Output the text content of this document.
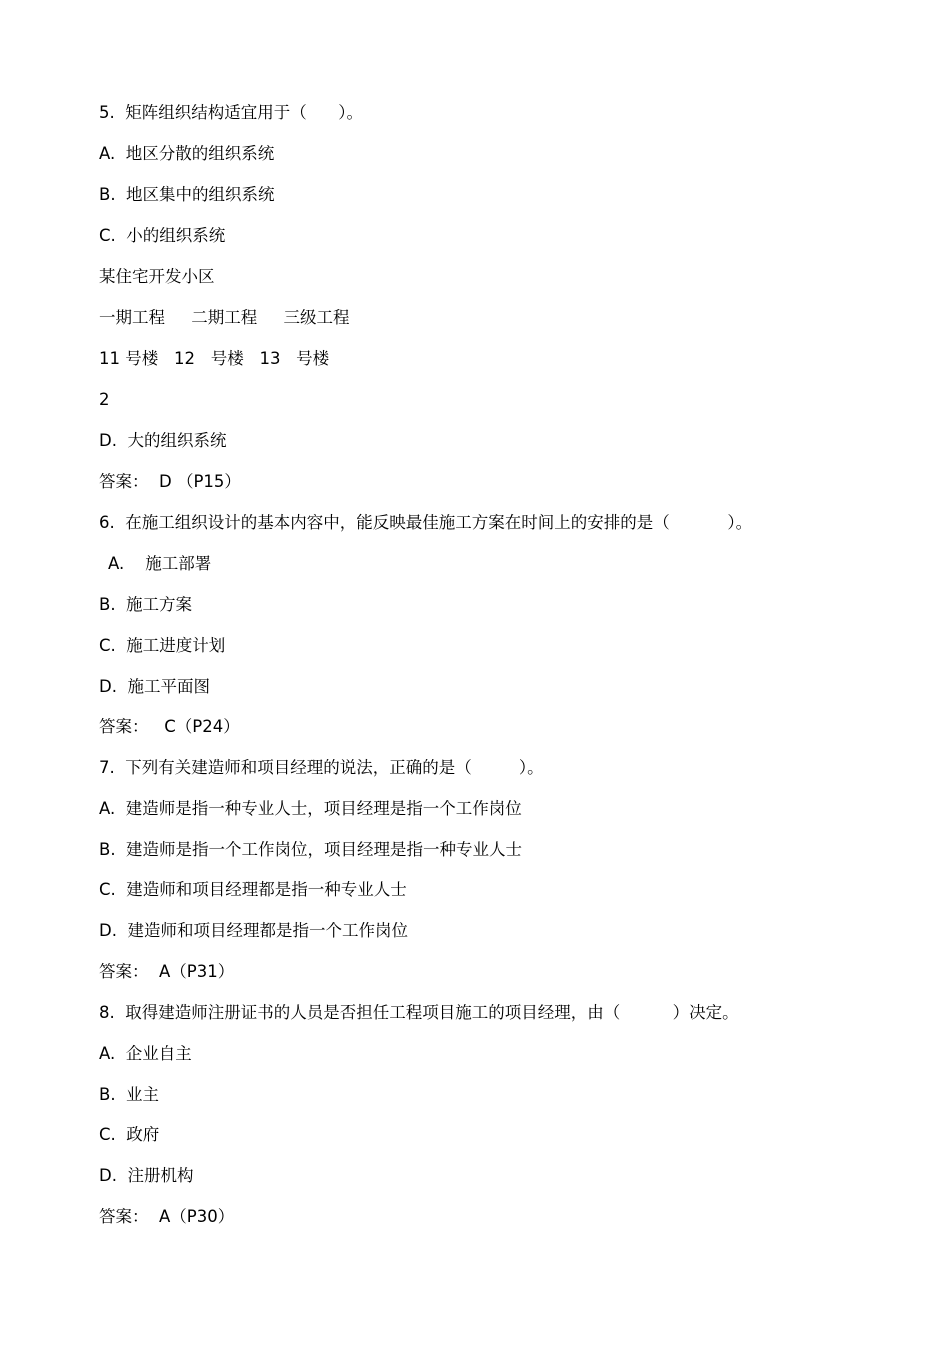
5.  矩阵组织结构适宜用于（      ）。
A.  地区分散的组织系统
B.  地区集中的组织系统
C.  小的组织系统
某住宅开发小区
一期工程     二期工程     三级工程
11 号楼   12   号楼   13   号楼
2
D.  大的组织系统
答案：  D （P15）
6.  在施工组织设计的基本内容中，能反映最佳施工方案在时间上的安排的是（           ）。
A.    施工部署
B.  施工方案
C.  施工进度计划
D.  施工平面图
答案：   C（P24）
7.  下列有关建造师和项目经理的说法，正确的是（         ）。
A.  建造师是指一种专业人士，项目经理是指一个工作岗位
B.  建造师是指一个工作岗位，项目经理是指一种专业人士
C.  建造师和项目经理都是指一种专业人士
D.  建造师和项目经理都是指一个工作岗位
答案：  A（P31）
8.  取得建造师注册证书的人员是否担任工程项目施工的项目经理，由（          ）决定。
A.  企业自主
B.  业主
C.  政府
D.  注册机构
答案：  A（P30）
